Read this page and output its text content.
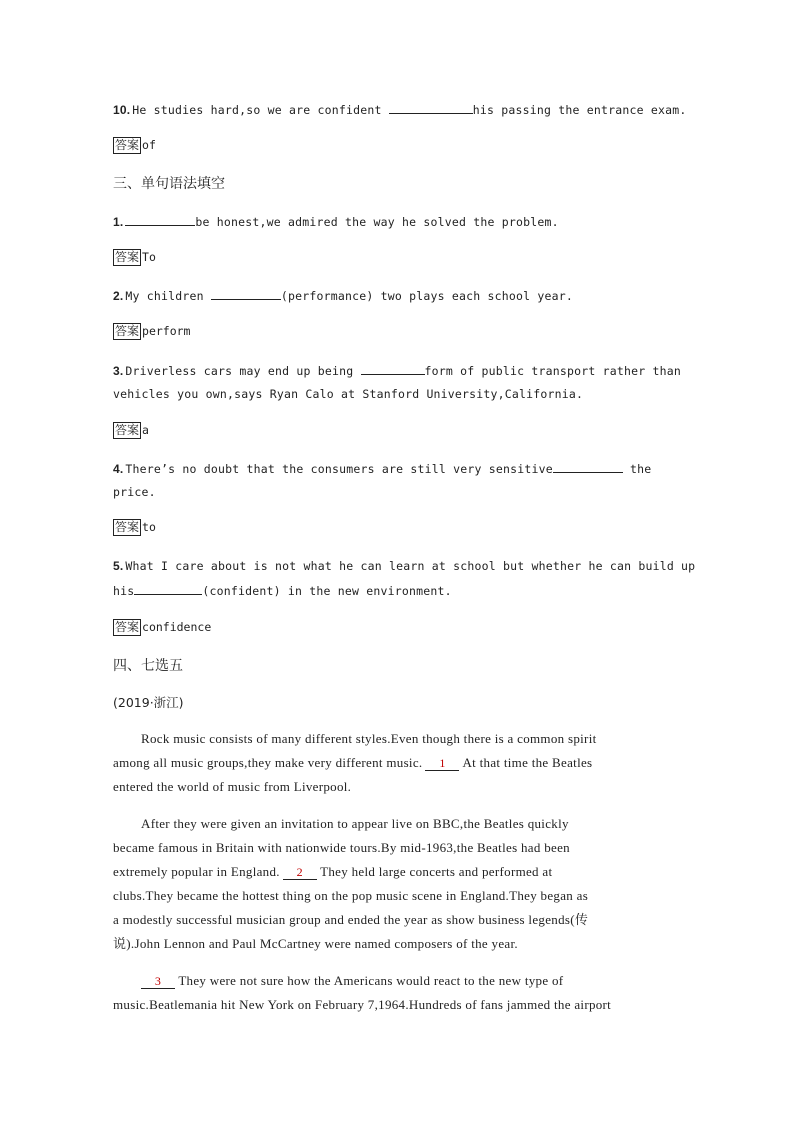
10. He studies hard,so we are confident	his passing the entrance exam.
答案 of
三、单句语法填空
1.	be honest,we admired the way he solved the problem.
答案 To
2. My children	(performance) two plays each school year.
答案 perform
3. Driverless cars may end up being	form of public transport rather than
vehicles you own,says Ryan Calo at Stanford University,California.
答案 a
4. There’s no doubt that the consumers are still very sensitive	the
price.
答案 to
5. What I care about is not what he can learn at school but whether he can build up
his	(confident) in the new environment.
答案 confidence
四、七选五
(2019·浙江)
Rock music consists of many different styles.Even though there is a common spirit
among all music groups,they make very different music. 1 At that time the Beatles
entered the world of music from Liverpool.
After they were given an invitation to appear live on BBC,the Beatles quickly
became famous in Britain with nationwide tours.By mid-1963,the Beatles had been
extremely popular in England. 2 They held large concerts and performed at
clubs.They became the hottest thing on the pop music scene in England.They began as
a modestly successful musician group and ended the year as show business legends(传
说).John Lennon and Paul McCartney were named composers of the year.
3 They were not sure how the Americans would react to the new type of
music.Beatlemania hit New York on February 7,1964.Hundreds of fans jammed the airport
